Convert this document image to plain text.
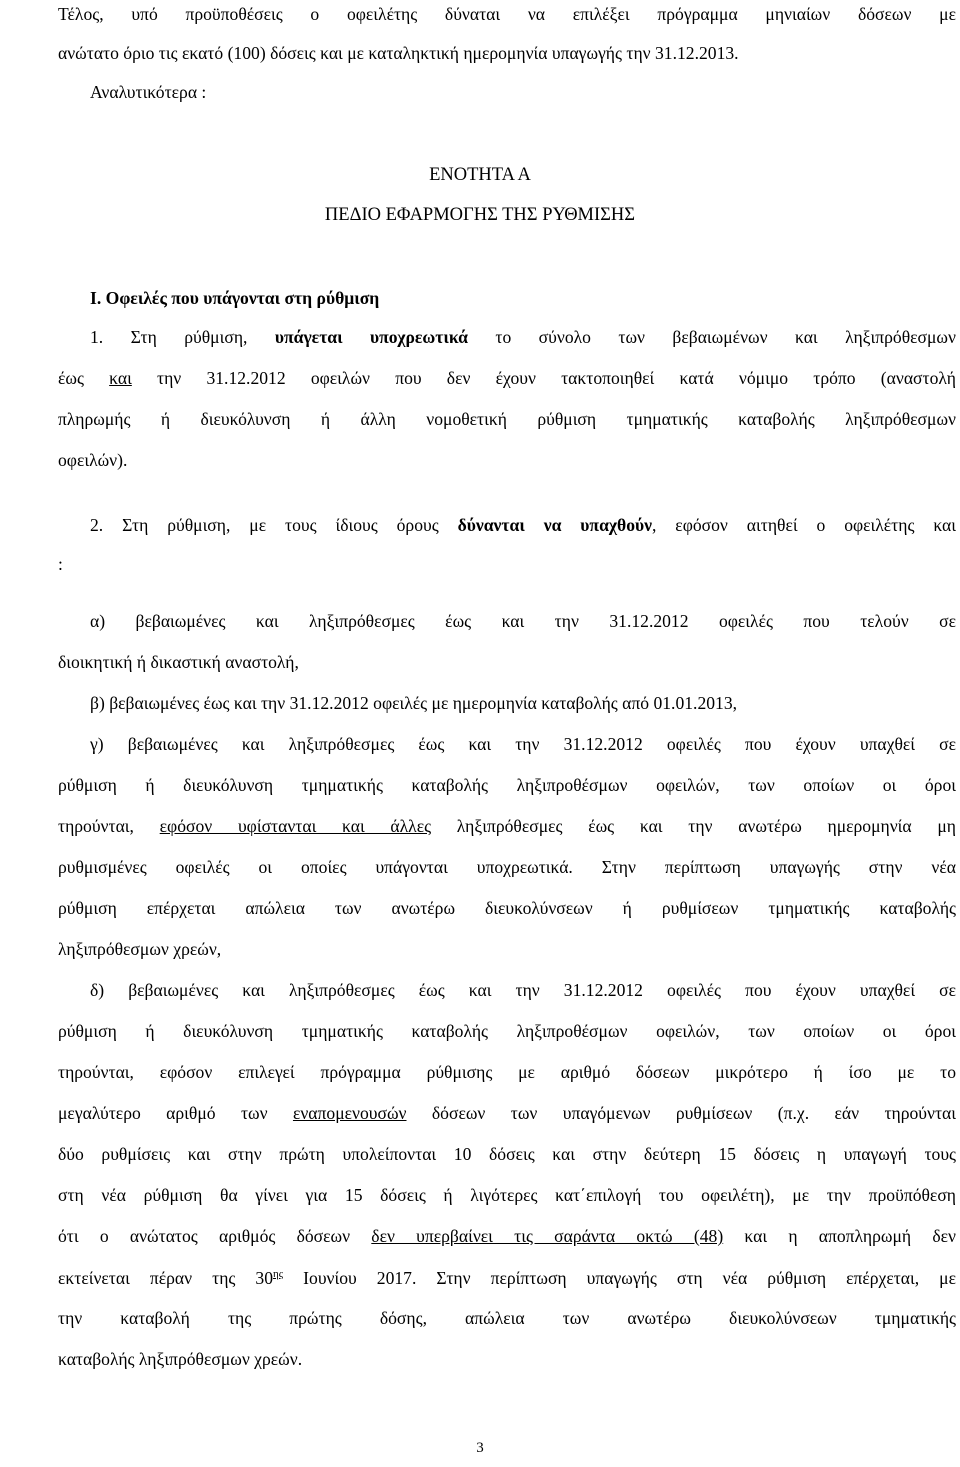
Τέλος, υπό προϋποθέσεις ο οφειλέτης δύναται να επιλέξει πρόγραμμα μηνιαίων δόσεων με
ανώτατο όριο τις εκατό (100) δόσεις και με καταληκτική ημερομηνία υπαγωγής την 31.12.2013.
Αναλυτικότερα :
ΕΝΟΤΗΤΑ Α
ΠΕΔΙΟ ΕΦΑΡΜΟΓΗΣ ΤΗΣ ΡΥΘΜΙΣΗΣ
Ι. Οφειλές που υπάγονται στη ρύθμιση
1. Στη ρύθμιση, υπάγεται υποχρεωτικά το σύνολο των βεβαιωμένων και ληξιπρόθεσμων
έως και την 31.12.2012 οφειλών που δεν έχουν τακτοποιηθεί κατά νόμιμο τρόπο (αναστολή
πληρωμής ή διευκόλυνση ή άλλη νομοθετική ρύθμιση τμηματικής καταβολής ληξιπρόθεσμων
οφειλών).
2. Στη ρύθμιση, με τους ίδιους όρους δύνανται να υπαχθούν, εφόσον αιτηθεί ο οφειλέτης και
:
α) βεβαιωμένες και ληξιπρόθεσμες έως και την 31.12.2012 οφειλές που τελούν σε
διοικητική ή δικαστική αναστολή,
β) βεβαιωμένες έως και την 31.12.2012 οφειλές με ημερομηνία καταβολής από 01.01.2013,
γ) βεβαιωμένες και ληξιπρόθεσμες έως και την 31.12.2012 οφειλές που έχουν υπαχθεί σε
ρύθμιση ή διευκόλυνση τμηματικής καταβολής ληξιπροθέσμων οφειλών, των οποίων οι όροι
τηρούνται, εφόσον υφίστανται και άλλες ληξιπρόθεσμες έως και την ανωτέρω ημερομηνία μη
ρυθμισμένες οφειλές οι οποίες υπάγονται υποχρεωτικά. Στην περίπτωση υπαγωγής στην νέα
ρύθμιση επέρχεται απώλεια των ανωτέρω διευκολύνσεων ή ρυθμίσεων τμηματικής καταβολής
ληξιπρόθεσμων χρεών,
δ) βεβαιωμένες και ληξιπρόθεσμες έως και την 31.12.2012 οφειλές που έχουν υπαχθεί σε
ρύθμιση ή διευκόλυνση τμηματικής καταβολής ληξιπροθέσμων οφειλών, των οποίων οι όροι
τηρούνται, εφόσον επιλεγεί πρόγραμμα ρύθμισης με αριθμό δόσεων μικρότερο ή ίσο με το
μεγαλύτερο αριθμό των εναπομενουσών δόσεων των υπαγόμενων ρυθμίσεων (π.χ. εάν τηρούνται
δύο ρυθμίσεις και στην πρώτη υπολείπονται 10 δόσεις και στην δεύτερη 15 δόσεις η υπαγωγή τους
στη νέα ρύθμιση θα γίνει για 15 δόσεις ή λιγότερες κατ΄επιλογή του οφειλέτη), με την προϋπόθεση
ότι ο ανώτατος αριθμός δόσεων δεν υπερβαίνει τις σαράντα οκτώ (48) και η αποπληρωμή δεν
εκτείνεται πέραν της $30^{\eta\varsigma}$ Ιουνίου 2017. Στην περίπτωση υπαγωγής στη νέα ρύθμιση επέρχεται, με
την καταβολή της πρώτης δόσης, απώλεια των ανωτέρω διευκολύνσεων τμηματικής
καταβολής ληξιπρόθεσμων χρεών.
3
